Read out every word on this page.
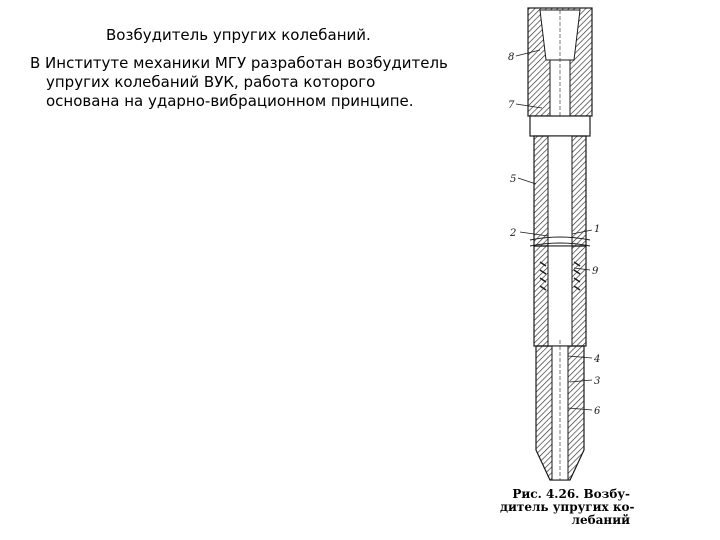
Возбудитель упругих колебаний.
В Институте механики МГУ разработан возбудитель
упругих колебаний ВУК, работа которого
основана на ударно-вибрационном принципе.
8
7
5
2	1
9
4
3
6
Рис. 4.26. Возбу-
дитель упругих ко-
лебаний
